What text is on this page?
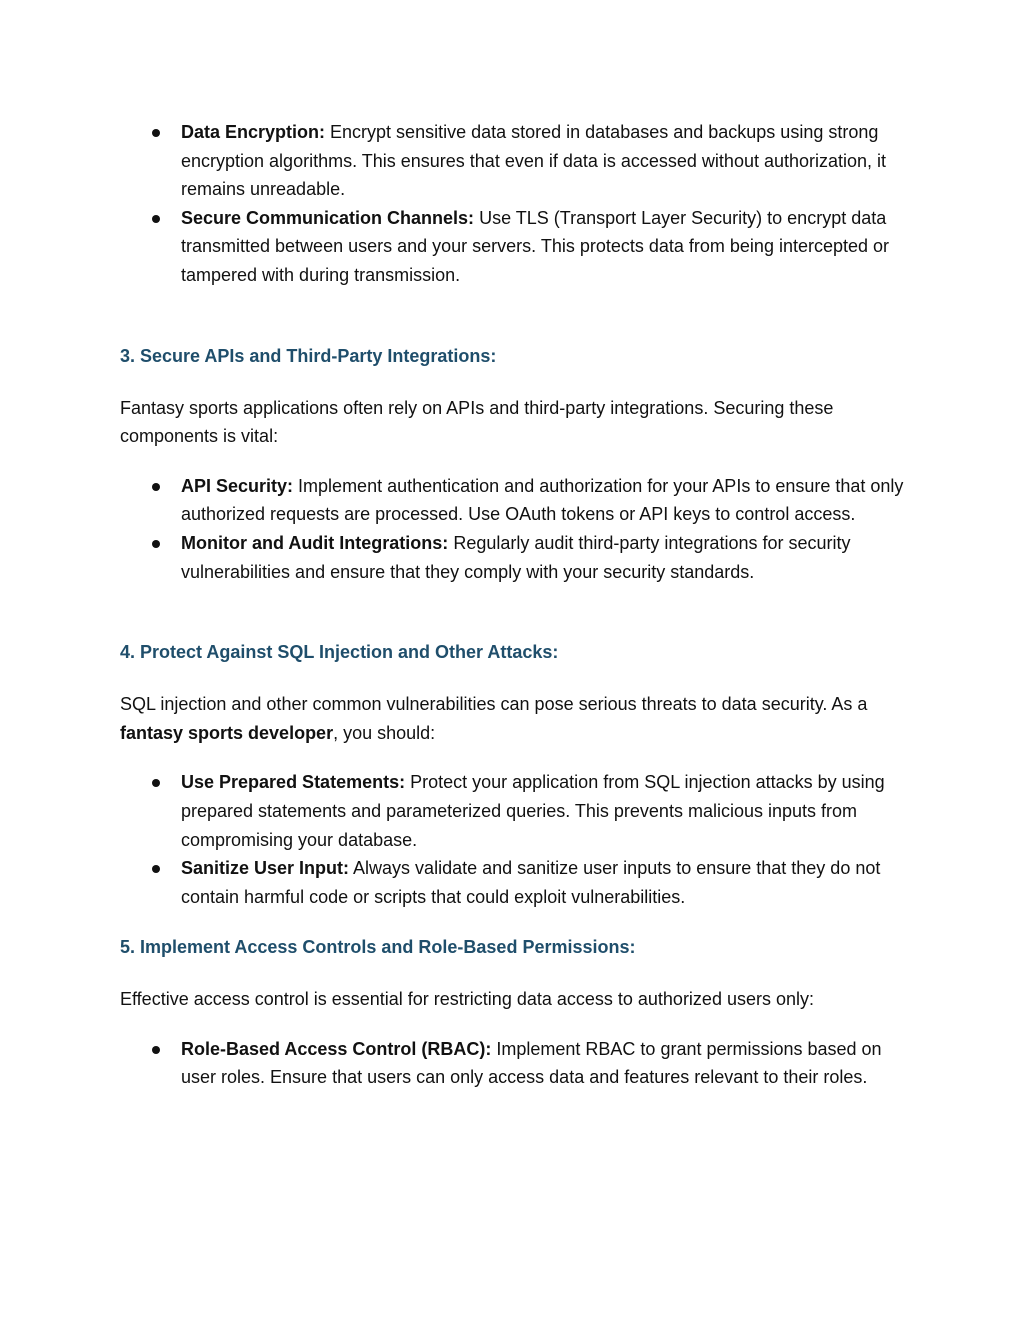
Data Encryption: Encrypt sensitive data stored in databases and backups using strong encryption algorithms. This ensures that even if data is accessed without authorization, it remains unreadable.
Secure Communication Channels: Use TLS (Transport Layer Security) to encrypt data transmitted between users and your servers. This protects data from being intercepted or tampered with during transmission.
3. Secure APIs and Third-Party Integrations:

Fantasy sports applications often rely on APIs and third-party integrations. Securing these components is vital:

API Security: Implement authentication and authorization for your APIs to ensure that only authorized requests are processed. Use OAuth tokens or API keys to control access.
Monitor and Audit Integrations: Regularly audit third-party integrations for security vulnerabilities and ensure that they comply with your security standards.
4. Protect Against SQL Injection and Other Attacks:

SQL injection and other common vulnerabilities can pose serious threats to data security. As a fantasy sports developer, you should:

Use Prepared Statements: Protect your application from SQL injection attacks by using prepared statements and parameterized queries. This prevents malicious inputs from compromising your database.
Sanitize User Input: Always validate and sanitize user inputs to ensure that they do not contain harmful code or scripts that could exploit vulnerabilities.
5. Implement Access Controls and Role-Based Permissions:

Effective access control is essential for restricting data access to authorized users only:

Role-Based Access Control (RBAC): Implement RBAC to grant permissions based on user roles. Ensure that users can only access data and features relevant to their roles.
